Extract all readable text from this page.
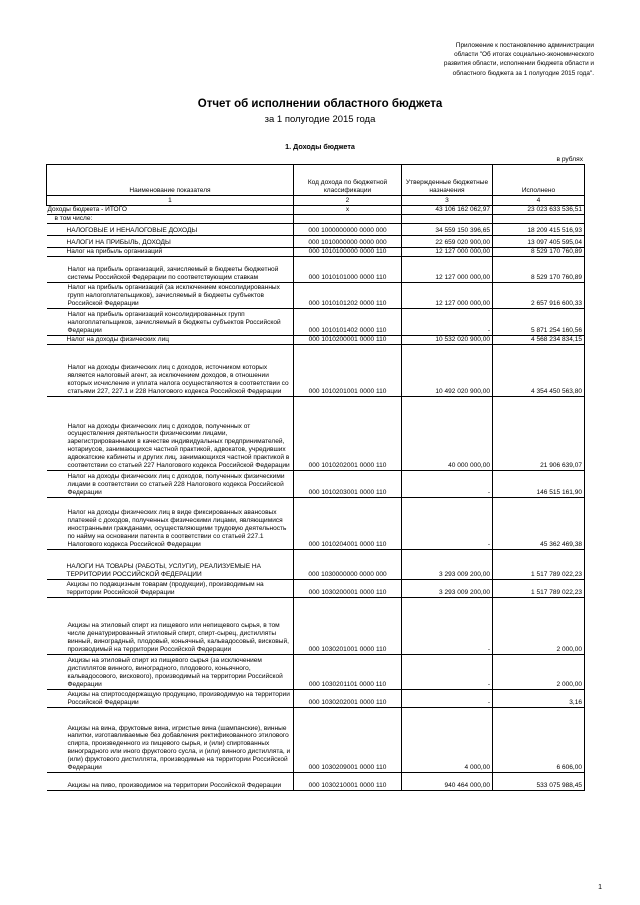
Приложение к постановлению администрации
области "Об итогах социально-экономического
развития области, исполнении бюджета области и
областного бюджета за 1 полугодие 2015 года".
Отчет об исполнении областного бюджета
за 1 полугодие 2015 года
1. Доходы бюджета
в рублях
Наименование показателя	Код дохода по бюджетной классификации	Утвержденные бюджетные назначения	Исполнено
1	2	3	4
Доходы бюджета - ИТОГО	x	43 106 162 062,97	23 023 633 536,51
в том числе:			
НАЛОГОВЫЕ И НЕНАЛОГОВЫЕ ДОХОДЫ	000 1000000000 0000 000	34 559 150 396,65	18 209 415 516,93
НАЛОГИ НА ПРИБЫЛЬ, ДОХОДЫ	000 1010000000 0000 000	22 659 020 900,00	13 097 405 595,04
Налог на прибыль организаций	000 1010100000 0000 110	12 127 000 000,00	8 529 170 760,89
Налог на прибыль организаций, зачисляемый в бюджеты бюджетной системы Российской Федерации по соответствующим ставкам	000 1010101000 0000 110	12 127 000 000,00	8 529 170 760,89
Налог на прибыль организаций (за исключением консолидированных групп налогоплательщиков), зачисляемый в бюджеты субъектов Российской Федерации	000 1010101202 0000 110	12 127 000 000,00	2 657 916 600,33
Налог на прибыль организаций консолидированных групп налогоплательщиков, зачисляемый в бюджеты субъектов Российской Федерации	000 1010101402 0000 110	-	5 871 254 160,56
Налог на доходы физических лиц	000 1010200001 0000 110	10 532 020 900,00	4 568 234 834,15
Налог на доходы физических лиц с доходов, источником которых является налоговый агент, за исключением доходов, в отношении которых исчисление и уплата налога осуществляются в соответствии со статьями 227, 227.1 и 228 Налогового кодекса Российской Федерации	000 1010201001 0000 110	10 492 020 900,00	4 354 450 563,80
Налог на доходы физических лиц с доходов, полученных от осуществления деятельности физическими лицами, зарегистрированными в качестве индивидуальных предпринимателей, нотариусов, занимающихся частной практикой, адвокатов, учредивших адвокатские кабинеты и других лиц, занимающихся частной практикой в соответствии со статьей 227 Налогового кодекса Российской Федерации	000 1010202001 0000 110	40 000 000,00	21 906 639,07
Налог на доходы физических лиц с доходов, полученных физическими лицами в соответствии со статьей 228 Налогового кодекса Российской Федерации	000 1010203001 0000 110	-	146 515 161,90
Налог на доходы физических лиц в виде фиксированных авансовых платежей с доходов, полученных физическими лицами, являющимися иностранными гражданами, осуществляющими трудовую деятельность по найму на основании патента в соответствии со статьей 227.1 Налогового кодекса Российской Федерации	000 1010204001 0000 110	-	45 362 469,38
НАЛОГИ НА ТОВАРЫ (РАБОТЫ, УСЛУГИ), РЕАЛИЗУЕМЫЕ НА ТЕРРИТОРИИ РОССИЙСКОЙ ФЕДЕРАЦИИ	000 1030000000 0000 000	3 293 009 200,00	1 517 789 022,23
Акцизы по подакцизным товарам (продукции), производимым на территории Российской Федерации	000 1030200001 0000 110	3 293 009 200,00	1 517 789 022,23
Акцизы на этиловый спирт из пищевого или непищевого сырья, в том числе денатурированный этиловый спирт, спирт-сырец, дистилляты винный, виноградный, плодовый, коньячный, кальвадосовый, висковый, производимый на территории Российской Федерации	000 1030201001 0000 110	-	2 000,00
Акцизы на этиловый спирт из пищевого сырья (за исключением дистиллятов винного, виноградного, плодового, коньячного, кальвадосового, вискового), производимый на территории Российской Федерации	000 1030201101 0000 110	-	2 000,00
Акцизы на спиртосодержащую продукцию, производимую на территории Российской Федерации	000 1030202001 0000 110	-	3,16
Акцизы на вина, фруктовые вина, игристые вина (шампанские), винные напитки, изготавливаемые без добавления ректификованного этилового спирта, произведенного из пищевого сырья, и (или) спиртованных виноградного или иного фруктового сусла, и (или) винного дистиллята, и (или) фруктового дистиллята, производимые на территории Российской Федерации	000 1030209001 0000 110	4 000,00	6 606,00
Акцизы на пиво, производимое на территории Российской Федерации	000 1030210001 0000 110	940 464 000,00	533 075 988,45
1
